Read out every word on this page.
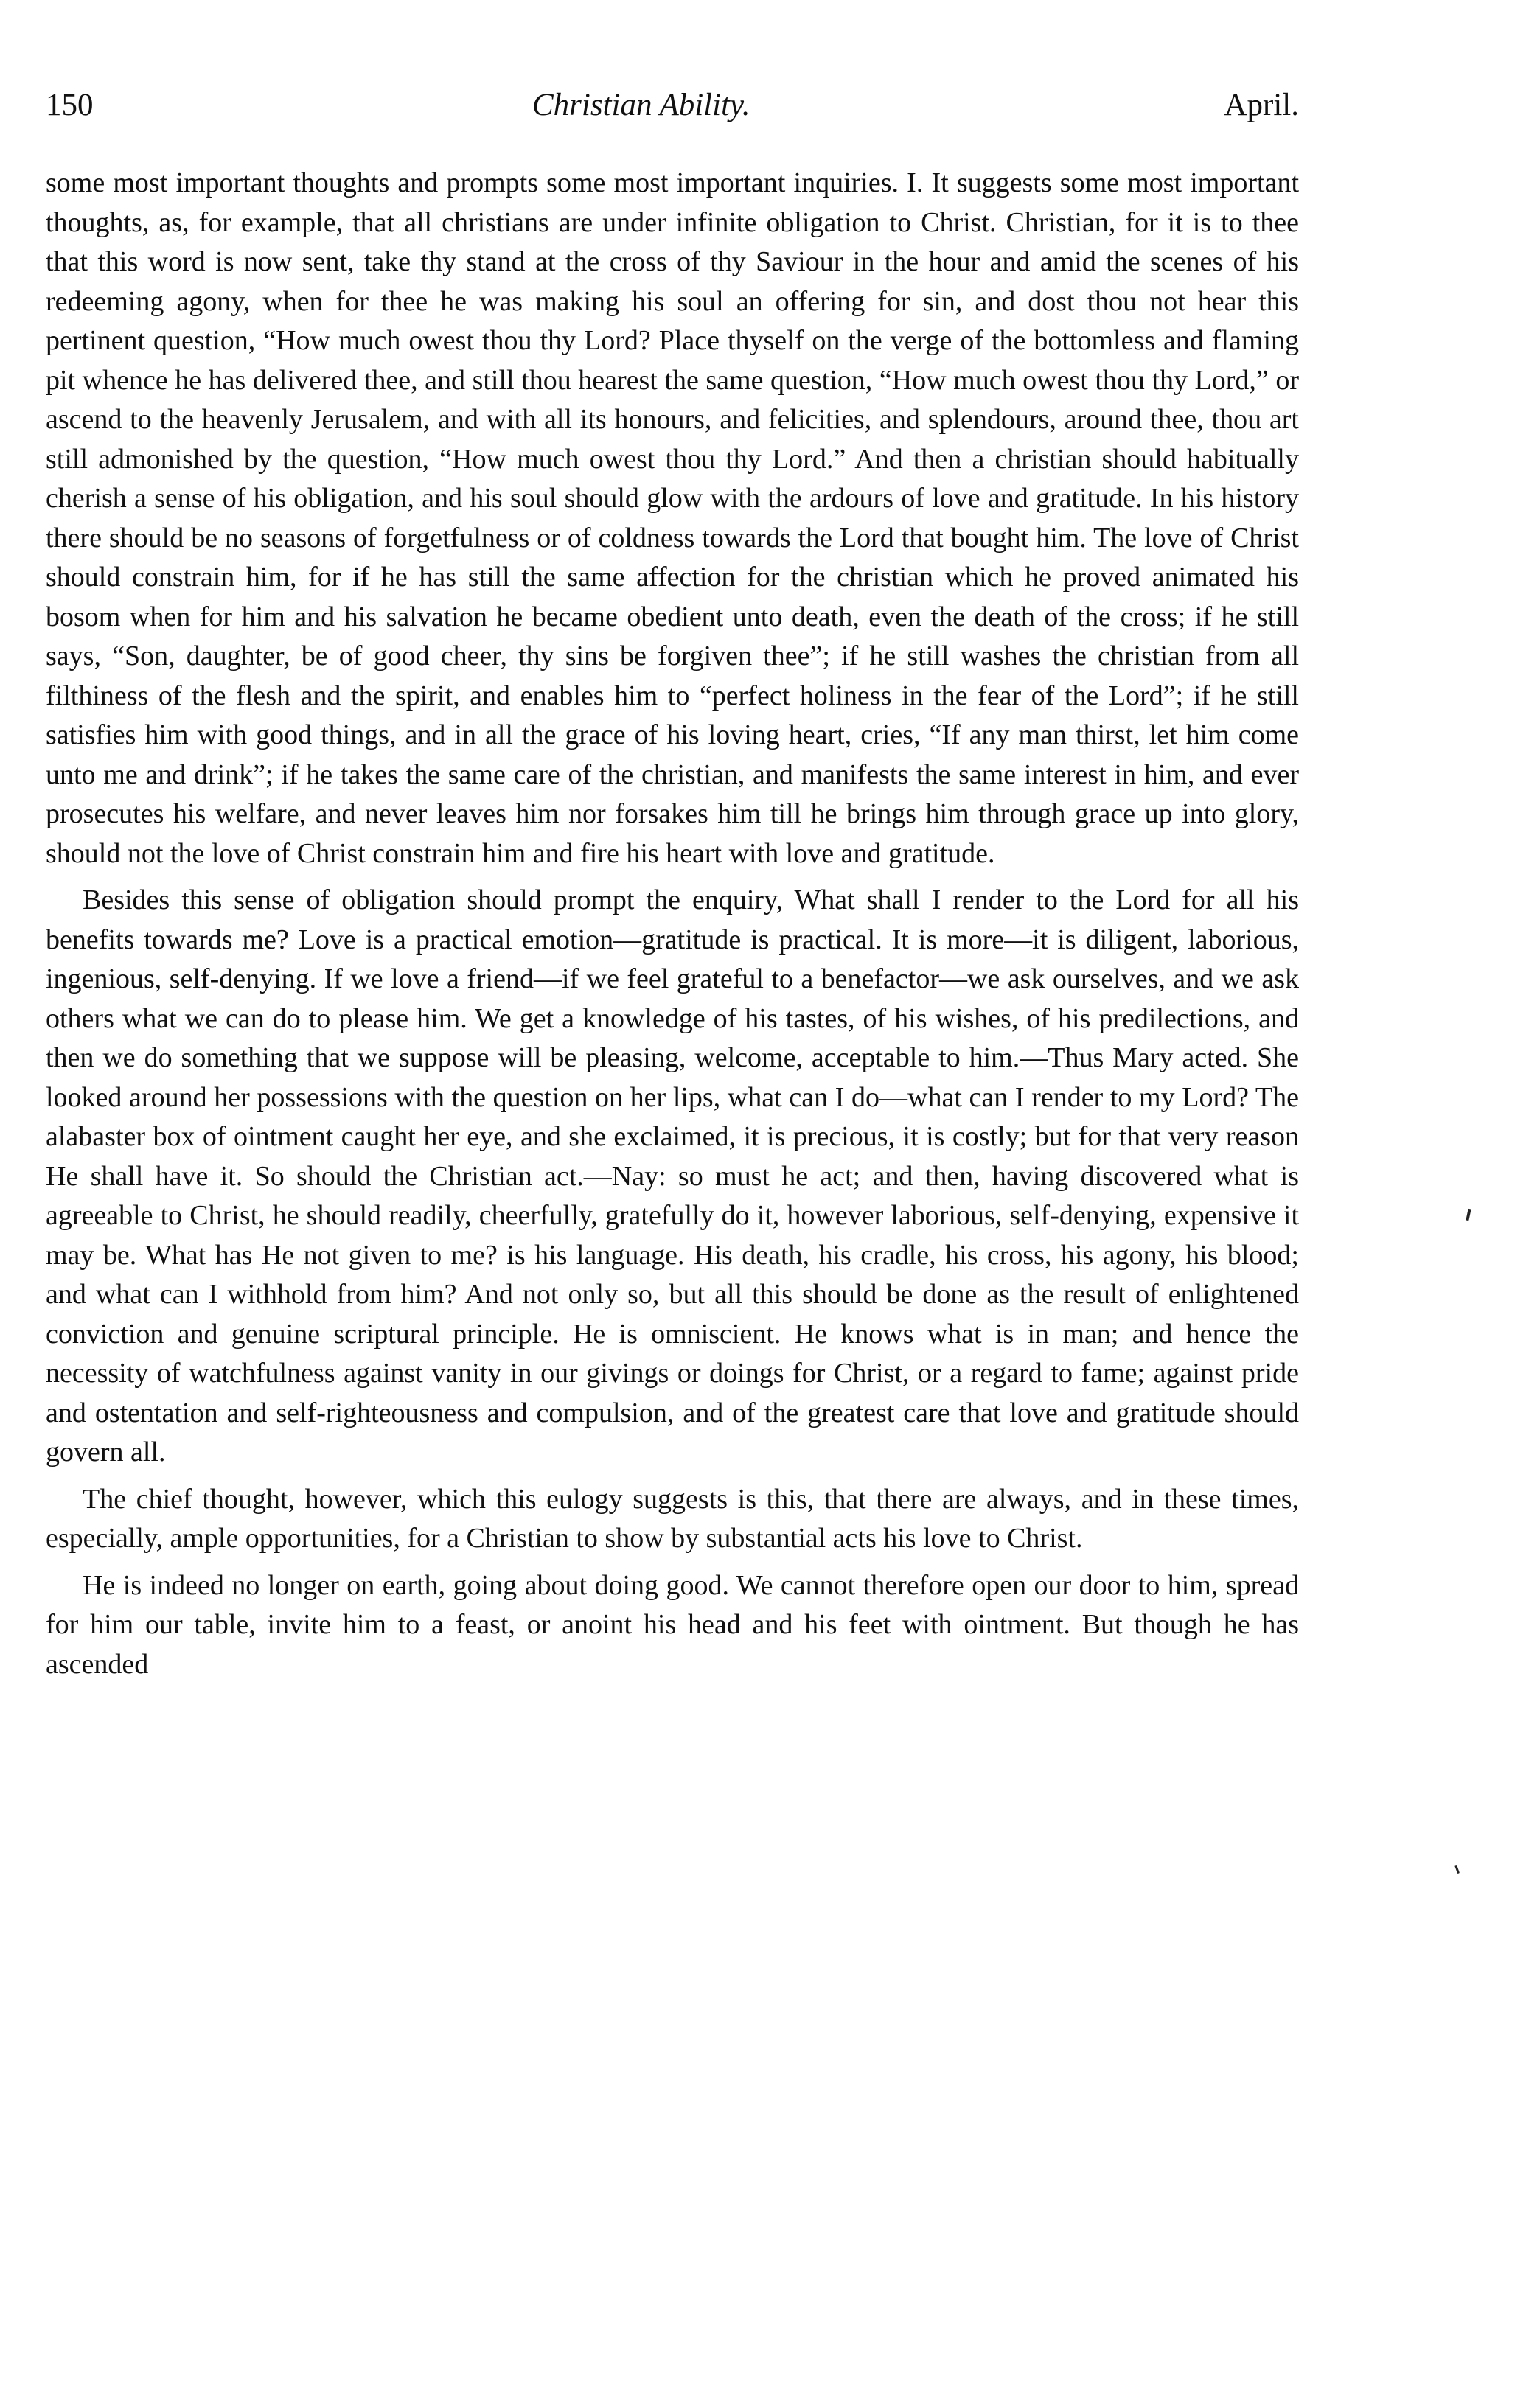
150	Christian Ability.	April.

some most important thoughts and prompts some most important inquiries. I. It suggests some most important thoughts, as, for example, that all christians are under infinite obligation to Christ. Christian, for it is to thee that this word is now sent, take thy stand at the cross of thy Saviour in the hour and amid the scenes of his redeeming agony, when for thee he was making his soul an offering for sin, and dost thou not hear this pertinent question, “How much owest thou thy Lord? Place thyself on the verge of the bottomless and flaming pit whence he has delivered thee, and still thou hearest the same question, “How much owest thou thy Lord,” or ascend to the heavenly Jerusalem, and with all its honours, and felicities, and splendours, around thee, thou art still admonished by the question, “How much owest thou thy Lord.” And then a christian should habitually cherish a sense of his obligation, and his soul should glow with the ardours of love and gratitude. In his history there should be no seasons of forgetfulness or of coldness towards the Lord that bought him. The love of Christ should constrain him, for if he has still the same affection for the christian which he proved animated his bosom when for him and his salvation he became obedient unto death, even the death of the cross; if he still says, “Son, daughter, be of good cheer, thy sins be forgiven thee”; if he still washes the christian from all filthiness of the flesh and the spirit, and enables him to “perfect holiness in the fear of the Lord”; if he still satisfies him with good things, and in all the grace of his loving heart, cries, “If any man thirst, let him come unto me and drink”; if he takes the same care of the christian, and manifests the same interest in him, and ever prosecutes his welfare, and never leaves him nor forsakes him till he brings him through grace up into glory, should not the love of Christ constrain him and fire his heart with love and gratitude.

Besides this sense of obligation should prompt the enquiry, What shall I render to the Lord for all his benefits towards me? Love is a practical emotion—gratitude is practical. It is more—it is diligent, laborious, ingenious, self-denying. If we love a friend—if we feel grateful to a benefactor—we ask ourselves, and we ask others what we can do to please him. We get a knowledge of his tastes, of his wishes, of his predilections, and then we do something that we suppose will be pleasing, welcome, acceptable to him.—Thus Mary acted. She looked around her possessions with the question on her lips, what can I do—what can I render to my Lord? The alabaster box of ointment caught her eye, and she exclaimed, it is precious, it is costly; but for that very reason He shall have it. So should the Christian act.—Nay: so must he act; and then, having discovered what is agreeable to Christ, he should readily, cheerfully, gratefully do it, however laborious, self-denying, expensive it may be. What has He not given to me? is his language. His death, his cradle, his cross, his agony, his blood; and what can I withhold from him? And not only so, but all this should be done as the result of enlightened conviction and genuine scriptural principle. He is omniscient. He knows what is in man; and hence the necessity of watchfulness against vanity in our givings or doings for Christ, or a regard to fame; against pride and ostentation and self-righteousness and compulsion, and of the greatest care that love and gratitude should govern all.

The chief thought, however, which this eulogy suggests is this, that there are always, and in these times, especially, ample opportunities, for a Christian to show by substantial acts his love to Christ.

He is indeed no longer on earth, going about doing good. We cannot therefore open our door to him, spread for him our table, invite him to a feast, or anoint his head and his feet with ointment. But though he has ascended
